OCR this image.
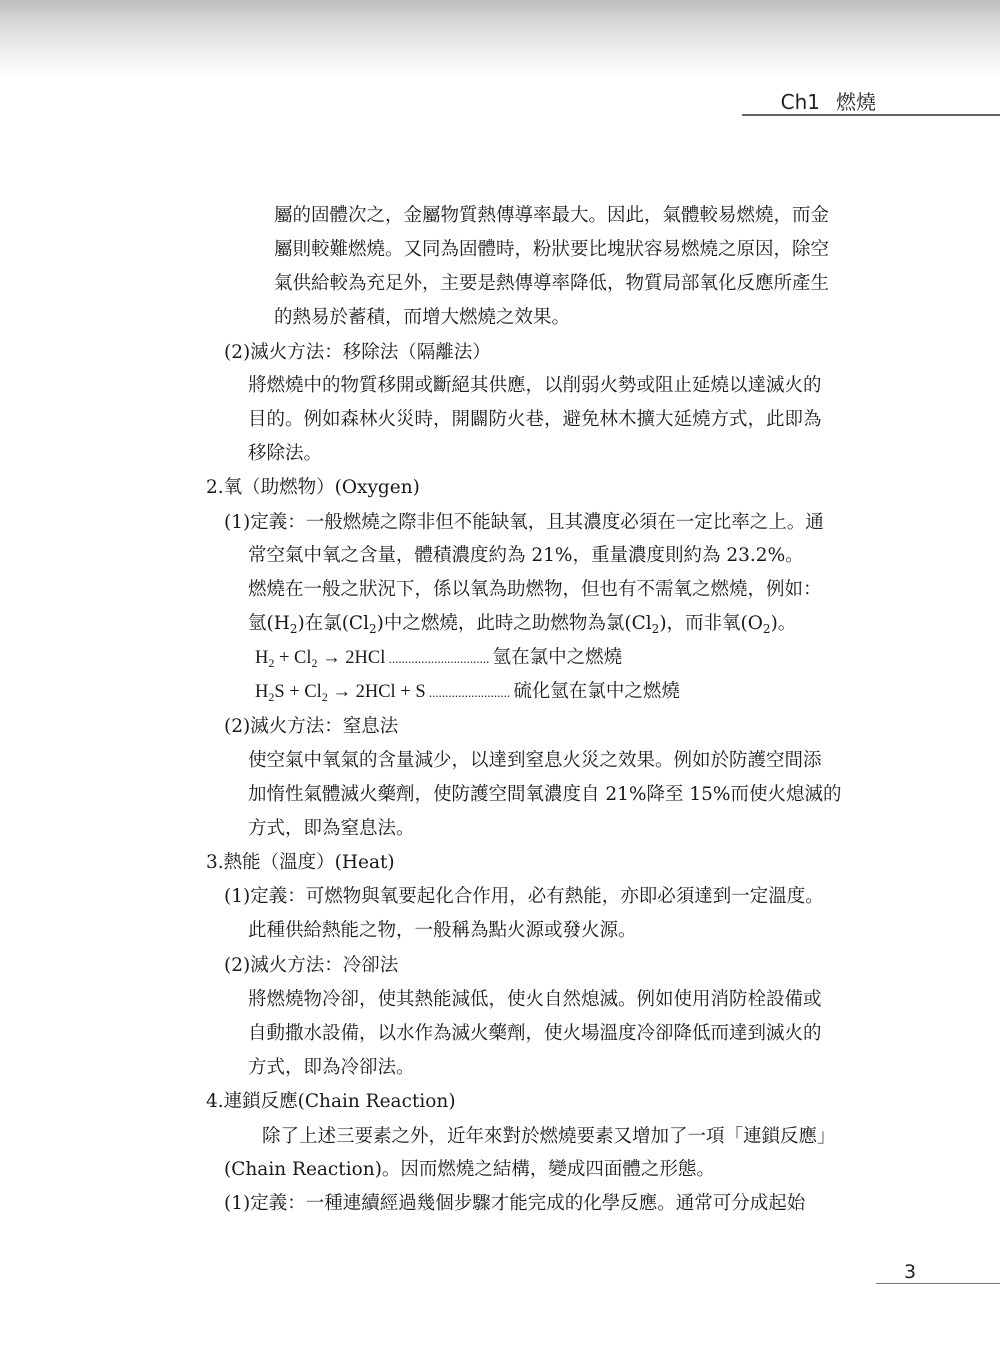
Ch1 燃燒
屬的固體次之，金屬物質熱傳導率最大。因此，氣體較易燃燒，而金
屬則較難燃燒。又同為固體時，粉狀要比塊狀容易燃燒之原因，除空
氣供給較為充足外，主要是熱傳導率降低，物質局部氧化反應所產生
的熱易於蓄積，而增大燃燒之效果。
(2)滅火方法：移除法（隔離法）
將燃燒中的物質移開或斷絕其供應，以削弱火勢或阻止延燒以達滅火的
目的。例如森林火災時，開闢防火巷，避免林木擴大延燒方式，此即為
移除法。
2.氧（助燃物）(Oxygen)
(1)定義：一般燃燒之際非但不能缺氧，且其濃度必須在一定比率之上。通
常空氣中氧之含量，體積濃度約為 21%，重量濃度則約為 23.2%。
燃燒在一般之狀況下，係以氧為助燃物，但也有不需氧之燃燒，例如：
氫$(H_2)$在氯$(Cl_2)$中之燃燒，此時之助燃物為氯$(Cl_2)$，而非氧$(O_2)$。
$H_2 + Cl_2 \to 2HCl$ ............................... 氫在氯中之燃燒
$H_2S + Cl_2 \to 2HCl + S$ ......................... 硫化氫在氯中之燃燒
(2)滅火方法：窒息法
使空氣中氧氣的含量減少，以達到窒息火災之效果。例如於防護空間添
加惰性氣體滅火藥劑，使防護空間氧濃度自 21%降至 15%而使火熄滅的
方式，即為窒息法。
3.熱能（溫度）(Heat)
(1)定義：可燃物與氧要起化合作用，必有熱能，亦即必須達到一定溫度。
此種供給熱能之物，一般稱為點火源或發火源。
(2)滅火方法：冷卻法
將燃燒物冷卻，使其熱能減低，使火自然熄滅。例如使用消防栓設備或
自動撒水設備，以水作為滅火藥劑，使火場溫度冷卻降低而達到滅火的
方式，即為冷卻法。
4.連鎖反應(Chain Reaction)
除了上述三要素之外，近年來對於燃燒要素又增加了一項「連鎖反應」
(Chain Reaction)。因而燃燒之結構，變成四面體之形態。
(1)定義：一種連續經過幾個步驟才能完成的化學反應。通常可分成起始
3
